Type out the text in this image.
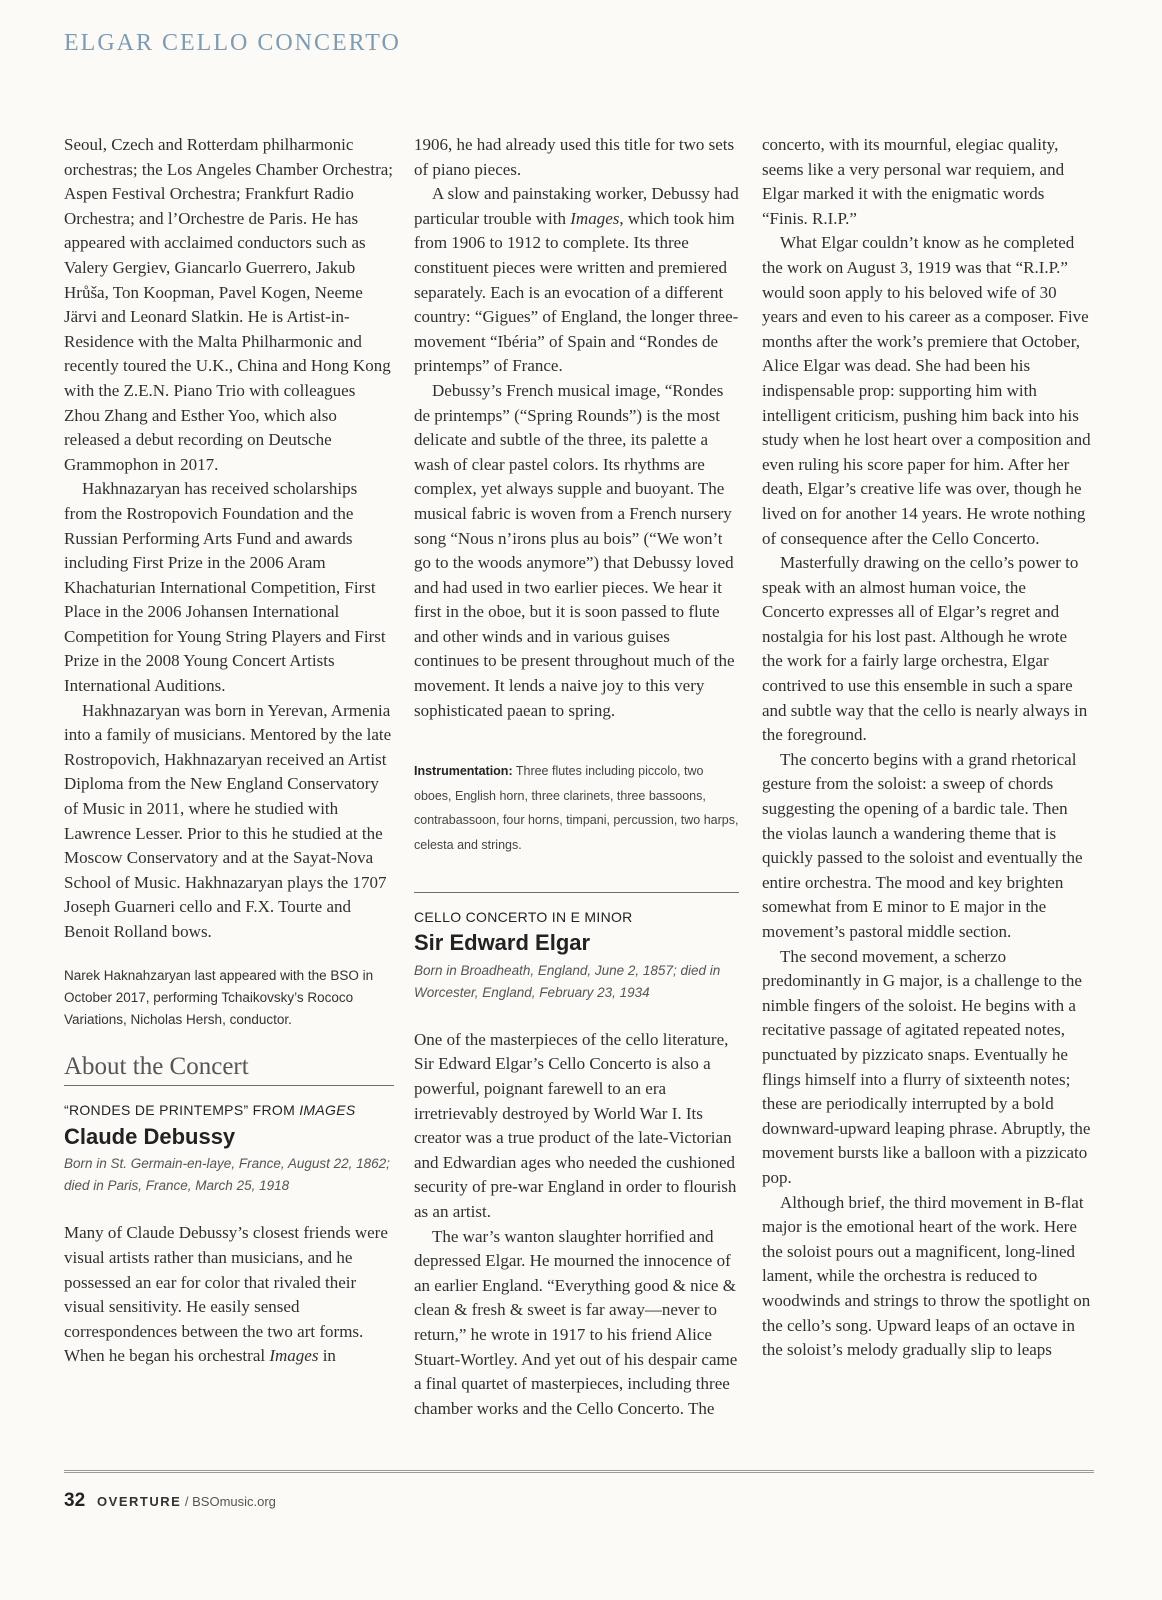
ELGAR CELLO CONCERTO

Seoul, Czech and Rotterdam philharmonic orchestras; the Los Angeles Chamber Orchestra; Aspen Festival Orchestra; Frankfurt Radio Orchestra; and l’Orchestre de Paris. He has appeared with acclaimed conductors such as Valery Gergiev, Giancarlo Guerrero, Jakub Hrůša, Ton Koopman, Pavel Kogen, Neeme Järvi and Leonard Slatkin. He is Artist-in-Residence with the Malta Philharmonic and recently toured the U.K., China and Hong Kong with the Z.E.N. Piano Trio with colleagues Zhou Zhang and Esther Yoo, which also released a debut recording on Deutsche Grammophon in 2017.

Hakhnazaryan has received scholarships from the Rostropovich Foundation and the Russian Performing Arts Fund and awards including First Prize in the 2006 Aram Khachaturian International Competition, First Place in the 2006 Johansen International Competition for Young String Players and First Prize in the 2008 Young Concert Artists International Auditions.

Hakhnazaryan was born in Yerevan, Armenia into a family of musicians. Mentored by the late Rostropovich, Hakhnazaryan received an Artist Diploma from the New England Conservatory of Music in 2011, where he studied with Lawrence Lesser. Prior to this he studied at the Moscow Conservatory and at the Sayat-Nova School of Music. Hakhnazaryan plays the 1707 Joseph Guarneri cello and F.X. Tourte and Benoit Rolland bows.

Narek Haknahzaryan last appeared with the BSO in October 2017, performing Tchaikovsky’s Rococo Variations, Nicholas Hersh, conductor.

About the Concert

“RONDES DE PRINTEMPS” FROM IMAGES

Claude Debussy

Born in St. Germain-en-laye, France, August 22, 1862; died in Paris, France, March 25, 1918

Many of Claude Debussy’s closest friends were visual artists rather than musicians, and he possessed an ear for color that rivaled their visual sensitivity. He easily sensed correspondences between the two art forms. When he began his orchestral Images in

1906, he had already used this title for two sets of piano pieces.

A slow and painstaking worker, Debussy had particular trouble with Images, which took him from 1906 to 1912 to complete. Its three constituent pieces were written and premiered separately. Each is an evocation of a different country: “Gigues” of England, the longer three-movement “Ibéria” of Spain and “Rondes de printemps” of France.

Debussy’s French musical image, “Rondes de printemps” (“Spring Rounds”) is the most delicate and subtle of the three, its palette a wash of clear pastel colors. Its rhythms are complex, yet always supple and buoyant. The musical fabric is woven from a French nursery song “Nous n’irons plus au bois” (“We won’t go to the woods anymore”) that Debussy loved and had used in two earlier pieces. We hear it first in the oboe, but it is soon passed to flute and other winds and in various guises continues to be present throughout much of the movement. It lends a naive joy to this very sophisticated paean to spring.

Instrumentation: Three flutes including piccolo, two oboes, English horn, three clarinets, three bassoons, contrabassoon, four horns, timpani, percussion, two harps, celesta and strings.

CELLO CONCERTO IN E MINOR

Sir Edward Elgar

Born in Broadheath, England, June 2, 1857; died in Worcester, England, February 23, 1934

One of the masterpieces of the cello literature, Sir Edward Elgar’s Cello Concerto is also a powerful, poignant farewell to an era irretrievably destroyed by World War I. Its creator was a true product of the late-Victorian and Edwardian ages who needed the cushioned security of pre-war England in order to flourish as an artist.

The war’s wanton slaughter horrified and depressed Elgar. He mourned the innocence of an earlier England. “Everything good & nice & clean & fresh & sweet is far away—never to return,” he wrote in 1917 to his friend Alice Stuart-Wortley. And yet out of his despair came a final quartet of masterpieces, including three chamber works and the Cello Concerto. The

concerto, with its mournful, elegiac quality, seems like a very personal war requiem, and Elgar marked it with the enigmatic words “Finis. R.I.P.”

What Elgar couldn’t know as he completed the work on August 3, 1919 was that “R.I.P.” would soon apply to his beloved wife of 30 years and even to his career as a composer. Five months after the work’s premiere that October, Alice Elgar was dead. She had been his indispensable prop: supporting him with intelligent criticism, pushing him back into his study when he lost heart over a composition and even ruling his score paper for him. After her death, Elgar’s creative life was over, though he lived on for another 14 years. He wrote nothing of consequence after the Cello Concerto.

Masterfully drawing on the cello’s power to speak with an almost human voice, the Concerto expresses all of Elgar’s regret and nostalgia for his lost past. Although he wrote the work for a fairly large orchestra, Elgar contrived to use this ensemble in such a spare and subtle way that the cello is nearly always in the foreground.

The concerto begins with a grand rhetorical gesture from the soloist: a sweep of chords suggesting the opening of a bardic tale. Then the violas launch a wandering theme that is quickly passed to the soloist and eventually the entire orchestra. The mood and key brighten somewhat from E minor to E major in the movement’s pastoral middle section.

The second movement, a scherzo predominantly in G major, is a challenge to the nimble fingers of the soloist. He begins with a recitative passage of agitated repeated notes, punctuated by pizzicato snaps. Eventually he flings himself into a flurry of sixteenth notes; these are periodically interrupted by a bold downward-upward leaping phrase. Abruptly, the movement bursts like a balloon with a pizzicato pop.

Although brief, the third movement in B-flat major is the emotional heart of the work. Here the soloist pours out a magnificent, long-lined lament, while the orchestra is reduced to woodwinds and strings to throw the spotlight on the cello’s song. Upward leaps of an octave in the soloist’s melody gradually slip to leaps

32 OVERTURE / BSOmusic.org
